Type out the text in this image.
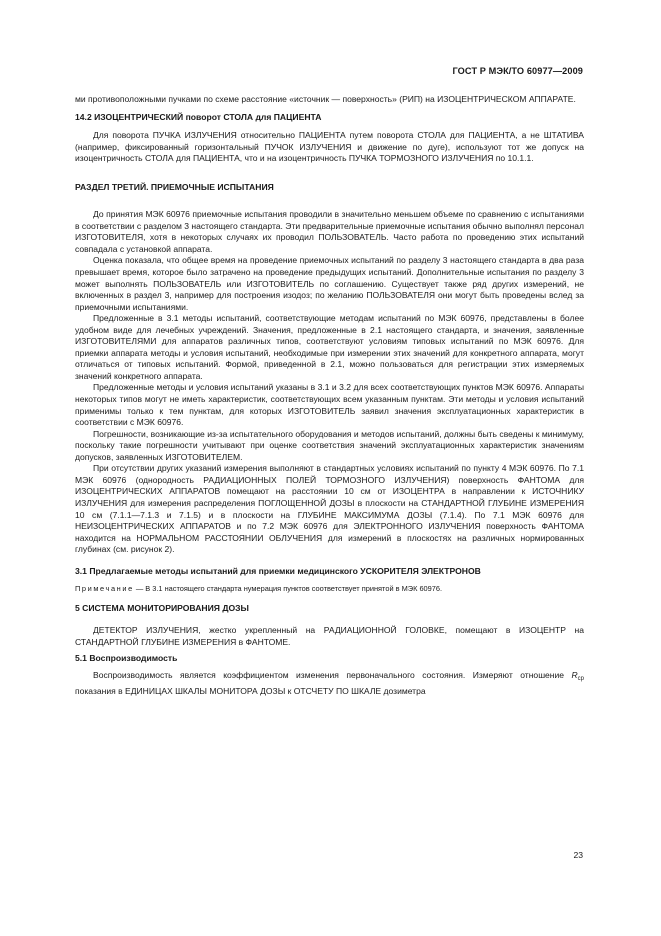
ГОСТ Р МЭК/ТО 60977—2009

ми противоположными пучками по схеме расстояние «источник — поверхность» (РИП) на ИЗОЦЕНТРИЧЕСКОМ АППАРАТЕ.

14.2 ИЗОЦЕНТРИЧЕСКИЙ поворот СТОЛА для ПАЦИЕНТА

Для поворота ПУЧКА ИЗЛУЧЕНИЯ относительно ПАЦИЕНТА путем поворота СТОЛА для ПАЦИЕНТА, а не ШТАТИВА (например, фиксированный горизонтальный ПУЧОК ИЗЛУЧЕНИЯ и движение по дуге), используют тот же допуск на изоцентричность СТОЛА для ПАЦИЕНТА, что и на изоцентричность ПУЧКА ТОРМОЗНОГО ИЗЛУЧЕНИЯ по 10.1.1.

РАЗДЕЛ ТРЕТИЙ. ПРИЕМОЧНЫЕ ИСПЫТАНИЯ

До принятия МЭК 60976 приемочные испытания проводили в значительно меньшем объеме по сравнению с испытаниями в соответствии с разделом 3 настоящего стандарта. Эти предварительные приемочные испытания обычно выполнял персонал ИЗГОТОВИТЕЛЯ, хотя в некоторых случаях их проводил ПОЛЬЗОВАТЕЛЬ. Часто работа по проведению этих испытаний совпадала с установкой аппарата.

Оценка показала, что общее время на проведение приемочных испытаний по разделу 3 настоящего стандарта в два раза превышает время, которое было затрачено на проведение предыдущих испытаний. Дополнительные испытания по разделу 3 может выполнять ПОЛЬЗОВАТЕЛЬ или ИЗГОТОВИТЕЛЬ по соглашению. Существует также ряд других измерений, не включенных в раздел 3, например для построения изодоз; по желанию ПОЛЬЗОВАТЕЛЯ они могут быть проведены вслед за приемочными испытаниями.

Предложенные в 3.1 методы испытаний, соответствующие методам испытаний по МЭК 60976, представлены в более удобном виде для лечебных учреждений. Значения, предложенные в 2.1 настоящего стандарта, и значения, заявленные ИЗГОТОВИТЕЛЯМИ для аппаратов различных типов, соответствуют условиям типовых испытаний по МЭК 60976. Для приемки аппарата методы и условия испытаний, необходимые при измерении этих значений для конкретного аппарата, могут отличаться от типовых испытаний. Формой, приведенной в 2.1, можно пользоваться для регистрации этих измеряемых значений конкретного аппарата.

Предложенные методы и условия испытаний указаны в 3.1 и 3.2 для всех соответствующих пунктов МЭК 60976. Аппараты некоторых типов могут не иметь характеристик, соответствующих всем указанным пунктам. Эти методы и условия испытаний применимы только к тем пунктам, для которых ИЗГОТОВИТЕЛЬ заявил значения эксплуатационных характеристик в соответствии с МЭК 60976.

Погрешности, возникающие из-за испытательного оборудования и методов испытаний, должны быть сведены к минимуму, поскольку такие погрешности учитывают при оценке соответствия значений эксплуатационных характеристик значениям допусков, заявленных ИЗГОТОВИТЕЛЕМ.

При отсутствии других указаний измерения выполняют в стандартных условиях испытаний по пункту 4 МЭК 60976. По 7.1 МЭК 60976 (однородность РАДИАЦИОННЫХ ПОЛЕЙ ТОРМОЗНОГО ИЗЛУЧЕНИЯ) поверхность ФАНТОМА для ИЗОЦЕНТРИЧЕСКИХ АППАРАТОВ помещают на расстоянии 10 см от ИЗОЦЕНТРА в направлении к ИСТОЧНИКУ ИЗЛУЧЕНИЯ для измерения распределения ПОГЛОЩЕННОЙ ДОЗЫ в плоскости на СТАНДАРТНОЙ ГЛУБИНЕ ИЗМЕРЕНИЯ 10 см (7.1.1—7.1.3 и 7.1.5) и в плоскости на ГЛУБИНЕ МАКСИМУМА ДОЗЫ (7.1.4). По 7.1 МЭК 60976 для НЕИЗОЦЕНТРИЧЕСКИХ АППАРАТОВ и по 7.2 МЭК 60976 для ЭЛЕКТРОННОГО ИЗЛУЧЕНИЯ поверхность ФАНТОМА находится на НОРМАЛЬНОМ РАССТОЯНИИ ОБЛУЧЕНИЯ для измерений в плоскостях на различных нормированных глубинах (см. рисунок 2).

3.1 Предлагаемые методы испытаний для приемки медицинского УСКОРИТЕЛЯ ЭЛЕКТРОНОВ

Примечание — В 3.1 настоящего стандарта нумерация пунктов соответствует принятой в МЭК 60976.

5 СИСТЕМА МОНИТОРИРОВАНИЯ ДОЗЫ

ДЕТЕКТОР ИЗЛУЧЕНИЯ, жестко укрепленный на РАДИАЦИОННОЙ ГОЛОВКЕ, помещают в ИЗОЦЕНТР на СТАНДАРТНОЙ ГЛУБИНЕ ИЗМЕРЕНИЯ в ФАНТОМЕ.

5.1 Воспроизводимость

Воспроизводимость является коэффициентом изменения первоначального состояния. Измеряют отношение $R_{ср}$ показания в ЕДИНИЦАХ ШКАЛЫ МОНИТОРА ДОЗЫ к ОТСЧЕТУ ПО ШКАЛЕ дозиметра

23
